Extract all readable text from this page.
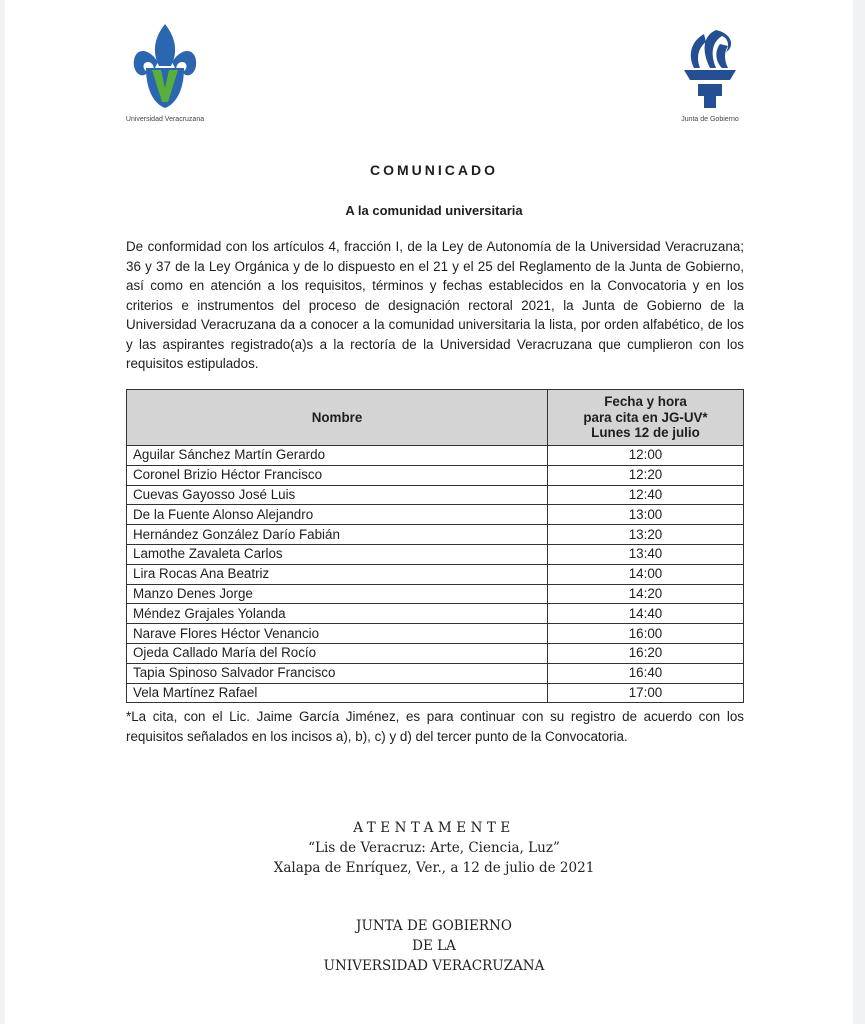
Universidad Veracruzana	Junta de Gobierno
COMUNICADO
A la comunidad universitaria
De conformidad con los artículos 4, fracción I, de la Ley de Autonomía de la Universidad Veracruzana; 36 y 37 de la Ley Orgánica y de lo dispuesto en el 21 y el 25 del Reglamento de la Junta de Gobierno, así como en atención a los requisitos, términos y fechas establecidos en la Convocatoria y en los criterios e instrumentos del proceso de designación rectoral 2021, la Junta de Gobierno de la Universidad Veracruzana da a conocer a la comunidad universitaria la lista, por orden alfabético, de los y las aspirantes registrado(a)s a la rectoría de la Universidad Veracruzana que cumplieron con los requisitos estipulados.
Nombre	Fecha y hora
para cita en JG-UV*
Lunes 12 de julio

Aguilar Sánchez Martín Gerardo	12:00
Coronel Brizio Héctor Francisco	12:20
Cuevas Gayosso José Luis	12:40
De la Fuente Alonso Alejandro	13:00
Hernández González Darío Fabián	13:20
Lamothe Zavaleta Carlos	13:40
Lira Rocas Ana Beatriz	14:00
Manzo Denes Jorge	14:20
Méndez Grajales Yolanda	14:40
Narave Flores Héctor Venancio	16:00
Ojeda Callado María del Rocío	16:20
Tapia Spinoso Salvador Francisco	16:40
Vela Martínez Rafael	17:00
*La cita, con el Lic. Jaime García Jiménez, es para continuar con su registro de acuerdo con los requisitos señalados en los incisos a), b), c) y d) del tercer punto de la Convocatoria.
ATENTAMENTE
“Lis de Veracruz: Arte, Ciencia, Luz”
Xalapa de Enríquez, Ver., a 12 de julio de 2021
JUNTA DE GOBIERNO
DE LA
UNIVERSIDAD VERACRUZANA
